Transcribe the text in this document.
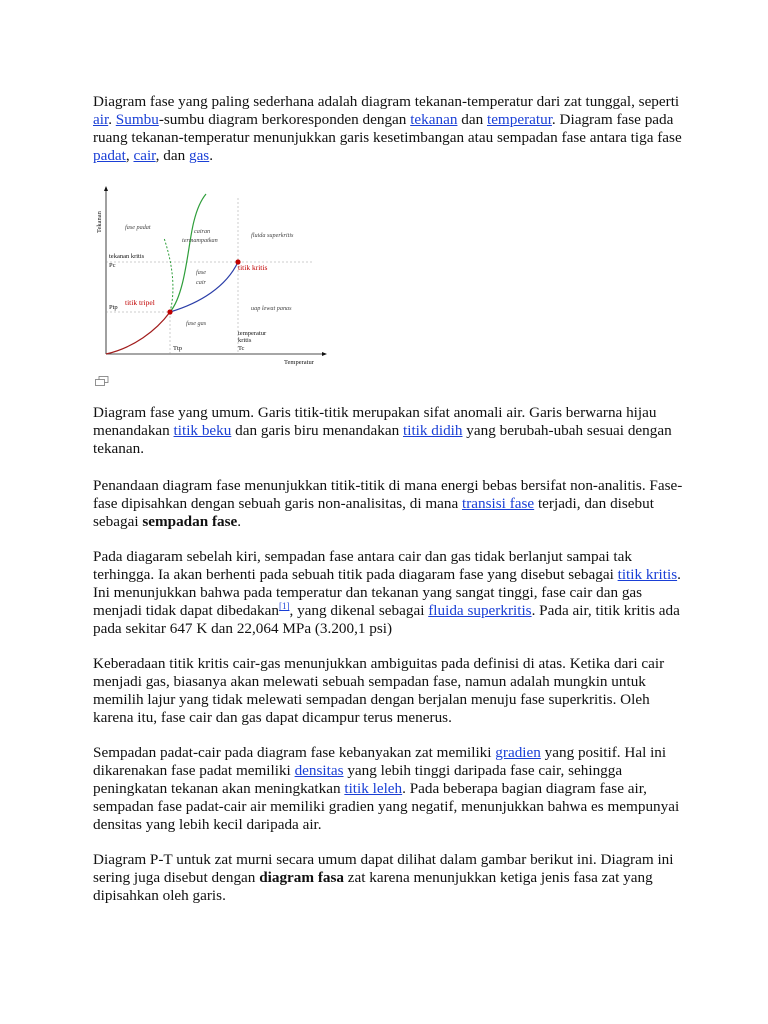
Diagram fase yang paling sederhana adalah diagram tekanan-temperatur dari zat tunggal, seperti air. Sumbu-sumbu diagram berkoresponden dengan tekanan dan temperatur. Diagram fase pada ruang tekanan-temperatur menunjukkan garis kesetimbangan atau sempadan fase antara tiga fase padat, cair, dan gas.

Tekanan
Temperatur
fase padat
cairan
termampatkan
fluida superkritis
tekanan kritis
Pc	titik kritis
fase
cair
Ptp
titik tripel
uap lewat panas
fase gas
Ttp
temperatur
kritis
Tc

Diagram fase yang umum. Garis titik-titik merupakan sifat anomali air. Garis berwarna hijau menandakan titik beku dan garis biru menandakan titik didih yang berubah-ubah sesuai dengan tekanan.

Penandaan diagram fase menunjukkan titik-titik di mana energi bebas bersifat non-analitis. Fase-fase dipisahkan dengan sebuah garis non-analisitas, di mana transisi fase terjadi, dan disebut sebagai sempadan fase.

Pada diagaram sebelah kiri, sempadan fase antara cair dan gas tidak berlanjut sampai tak terhingga. Ia akan berhenti pada sebuah titik pada diagaram fase yang disebut sebagai titik kritis. Ini menunjukkan bahwa pada temperatur dan tekanan yang sangat tinggi, fase cair dan gas menjadi tidak dapat dibedakan[1], yang dikenal sebagai fluida superkritis. Pada air, titik kritis ada pada sekitar 647 K dan 22,064 MPa (3.200,1 psi)

Keberadaan titik kritis cair-gas menunjukkan ambiguitas pada definisi di atas. Ketika dari cair menjadi gas, biasanya akan melewati sebuah sempadan fase, namun adalah mungkin untuk memilih lajur yang tidak melewati sempadan dengan berjalan menuju fase superkritis. Oleh karena itu, fase cair dan gas dapat dicampur terus menerus.

Sempadan padat-cair pada diagram fase kebanyakan zat memiliki gradien yang positif. Hal ini dikarenakan fase padat memiliki densitas yang lebih tinggi daripada fase cair, sehingga peningkatan tekanan akan meningkatkan titik leleh. Pada beberapa bagian diagram fase air, sempadan fase padat-cair air memiliki gradien yang negatif, menunjukkan bahwa es mempunyai densitas yang lebih kecil daripada air.

Diagram P-T untuk zat murni secara umum dapat dilihat dalam gambar berikut ini. Diagram ini sering juga disebut dengan diagram fasa zat karena menunjukkan ketiga jenis fasa zat yang dipisahkan oleh garis.
